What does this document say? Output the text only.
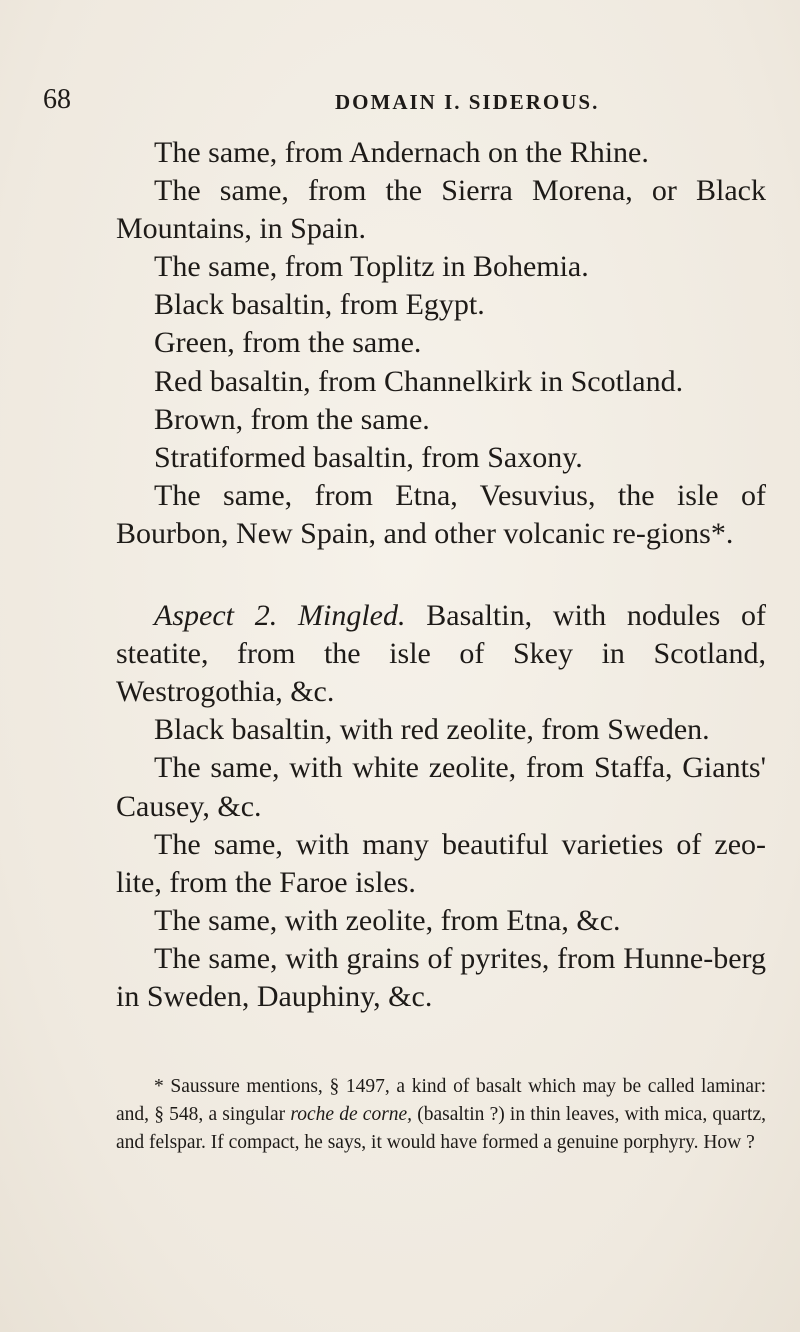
68	DOMAIN I. SIDEROUS.

The same, from Andernach on the Rhine.

The same, from the Sierra Morena, or Black Mountains, in Spain.

The same, from Toplitz in Bohemia.

Black basaltin, from Egypt.

Green, from the same.

Red basaltin, from Channelkirk in Scotland.

Brown, from the same.

Stratiformed basaltin, from Saxony.

The same, from Etna, Vesuvius, the isle of Bourbon, New Spain, and other volcanic re-gions*.

Aspect 2. Mingled. Basaltin, with nodules of steatite, from the isle of Skey in Scotland, Westrogothia, &c.

Black basaltin, with red zeolite, from Sweden.

The same, with white zeolite, from Staffa, Giants' Causey, &c.

The same, with many beautiful varieties of zeo-lite, from the Faroe isles.

The same, with zeolite, from Etna, &c.

The same, with grains of pyrites, from Hunne-berg in Sweden, Dauphiny, &c.

* Saussure mentions, § 1497, a kind of basalt which may be called laminar: and, § 548, a singular roche de corne, (basaltin ?) in thin leaves, with mica, quartz, and felspar. If compact, he says, it would have formed a genuine porphyry. How ?
